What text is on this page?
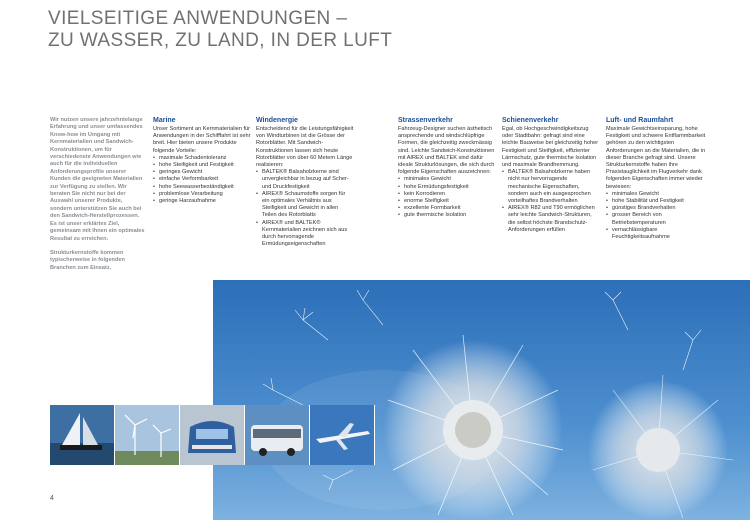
VIELSEITIGE ANWENDUNGEN –
ZU WASSER, ZU LAND, IN DER LUFT

Wir nutzen unsere jahrzehntelange Erfahrung und unser umfassendes Know-how im Umgang mit Kernmaterialien und Sandwich-Konstruktionen, um für verschiedenste Anwendungen wie auch für die individuellen Anforderungsprofile unserer Kunden die geeigneten Materialien zur Verfügung zu stellen. Wir beraten Sie nicht nur bei der Auswahl unserer Produkte, sondern unterstützen Sie auch bei den Sandwich-Herstellprozessen. Es ist unser erklärtes Ziel, gemeinsam mit Ihnen ein optimales Resultat zu erreichen.

Strukturkernstoffe kommen typischerweise in folgenden Branchen zum Einsatz.

Marine

Unser Sortiment an Kernmaterialien für Anwendungen in der Schifffahrt ist sehr breit. Hier bieten unsere Produkte folgende Vorteile:

• maximale Schadentoleranz
• hohe Steifigkeit und Festigkeit
• geringes Gewicht
• einfache Verformbarkeit
• hohe Seewasserbeständigkeit
• problemlose Verarbeitung
• geringe Harzaufnahme
Windenergie

Entscheidend für die Leistungsfähigkeit von Windturbinen ist die Grösse der Rotorblätter. Mit Sandwich-Konstruktionen lassen sich heute Rotorblätter von über 60 Metern Länge realisieren:

• BALTEK® Balsaholzkerne sind unvergleichbar in bezug auf Scher- und Druckfestigkeit
• AIREX® Schaumstoffe sorgen für ein optimales Verhältnis aus Steifigkeit und Gewicht in allen Teilen des Rotorblatts
• AIREX® und BALTEK® Kernmaterialien zeichnen sich aus durch hervorragende Ermüdungseigenschaften
Strassenverkehr

Fahrzeug-Designer suchen ästhetisch ansprechende und windschlüpfrige Formen, die gleichzeitig zweckmässig sind. Leichte Sandwich-Konstruktionen mit AIREX und BALTEK sind dafür ideale Strukturlösungen, die sich durch folgende Eigenschaften auszeichnen:

• minimales Gewicht
• hohe Ermüdungsfestigkeit
• kein Korrodieren
• enorme Steifigkeit
• exzellente Formbarkeit
• gute thermische Isolation
Schienenverkehr

Egal, ob Hochgeschwindigkeitszug oder Stadtbahn: gefragt sind eine leichte Bauweise bei gleichzeitig hoher Festigkeit und Steifigkeit, effizienter Lärmschutz, gute thermische Isolation und maximale Brandhemmung.

• BALTEK® Balsaholzkerne haben nicht nur hervorragende mechanische Eigenschaften, sondern auch ein ausgesprochen vorteilhaftes Brandverhalten
• AIREX® R82 und T90 ermöglichen sehr leichte Sandwich-Strukturen, die selbst höchste Brandschutz-Anforderungen erfüllen
Luft- und Raumfahrt

Maximale Gewichtseinsparung, hohe Festigkeit und schwere Entflammbarkeit gehören zu den wichtigsten Anforderungen an die Materialien, die in dieser Branche gefragt sind. Unsere Strukturkernstoffe haben ihre Praxistauglichkeit im Flugverkehr dank folgenden Eigenschaften immer wieder bewiesen:

• minimales Gewicht
• hohe Stabilität und Festigkeit
• günstiges Brandverhalten
• grosser Bereich von Betriebstemperaturen
• vernachlässigbare Feuchtigkeitsaufnahme
4
